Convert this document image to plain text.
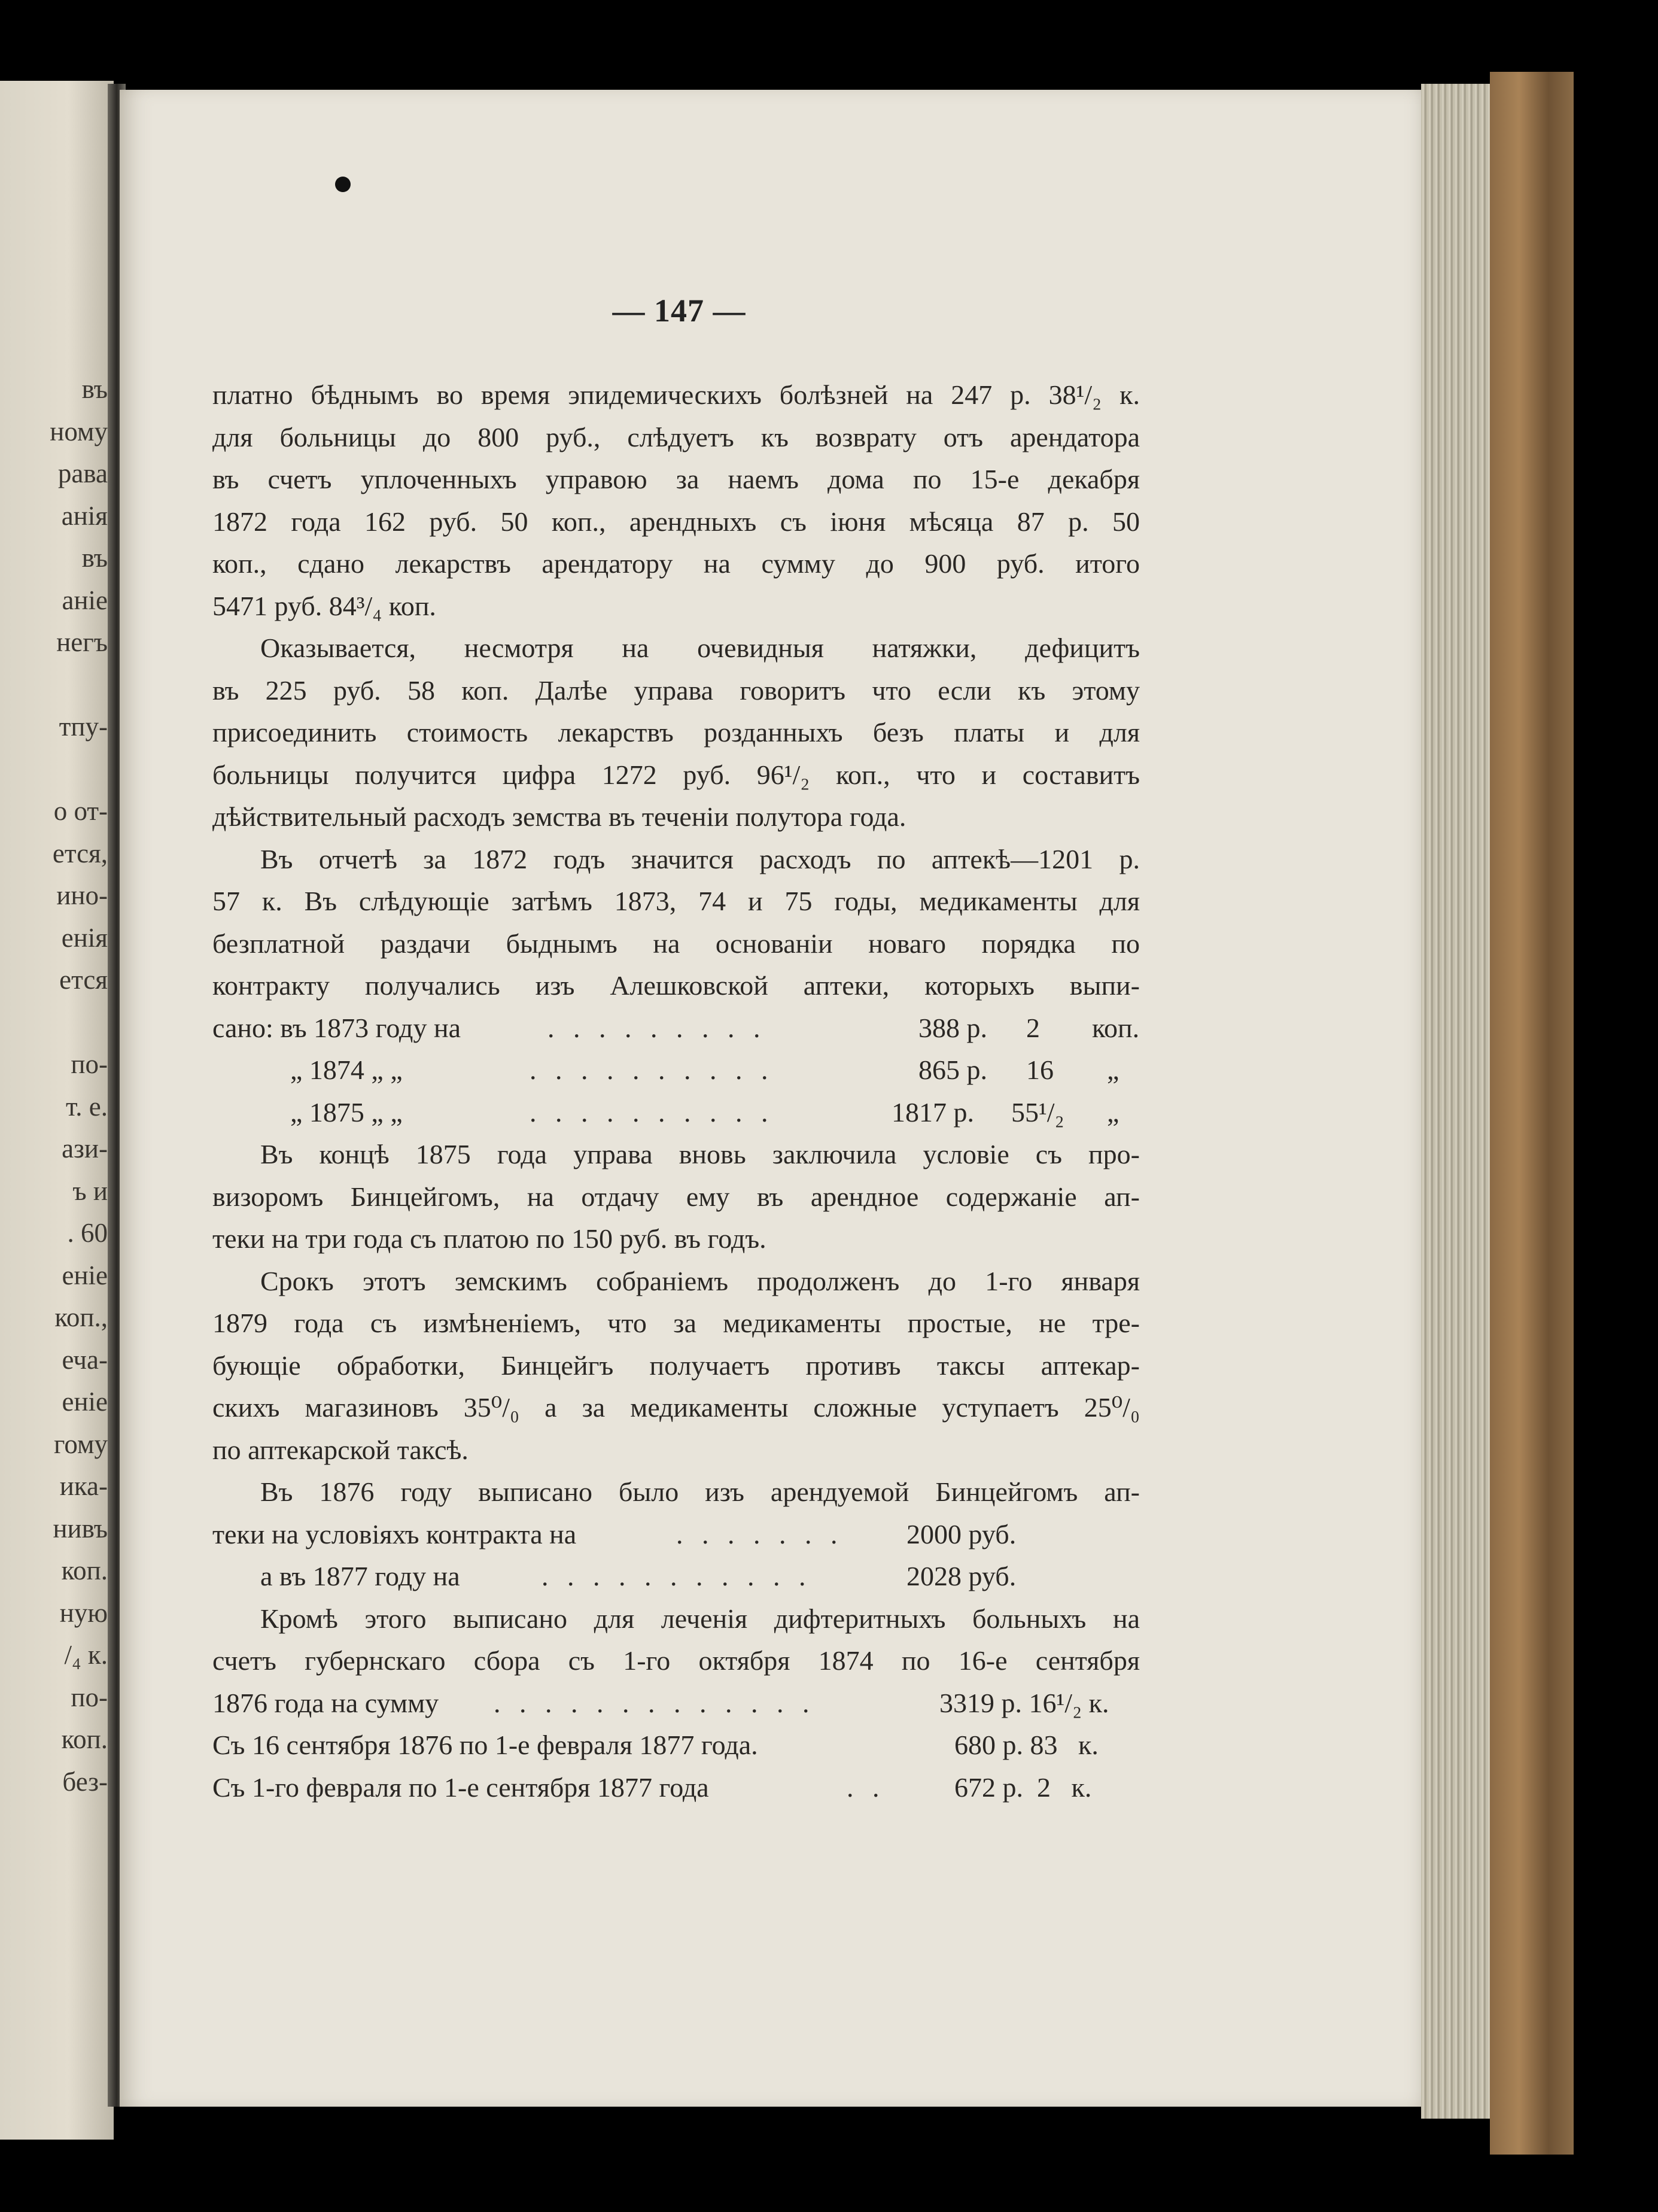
въ
ному
рава
анія
въ
аніе
негъ
тпу-
о от-
ется,
ино-
енія
ется
по-
т. е.
ази-
ъ и
. 60
еніе
коп.,
еча-
еніе
гому
ика-
нивъ
коп.
ную
/₄ к.
по-
коп.
без-
— 147 —
платно бѣднымъ во время эпидемическихъ болѣзней на 247 р. 38¹/₂ к.
для больницы до 800 руб., слѣдуетъ къ возврату отъ арендатора
въ счетъ уплоченныхъ управою за наемъ дома по 15-е декабря
1872 года 162 руб. 50 коп., арендныхъ съ іюня мѣсяца 87 р. 50
коп., сдано лекарствъ арендатору на сумму до 900 руб. итого
5471 руб. 84³/₄ коп.
Оказывается, несмотря на очевидныя натяжки, дефицитъ
въ 225 руб. 58 коп. Далѣе управа говоритъ что если къ этому
присоединить стоимость лекарствъ розданныхъ безъ платы и для
больницы получится цифра 1272 руб. 96¹/₂ коп., что и составитъ
дѣйствительный расходъ земства въ теченіи полутора года.
Въ отчетѣ за 1872 годъ значится расходъ по аптекѣ—1201 р.
57 к. Въ слѣдующіе затѣмъ 1873, 74 и 75 годы, медикаменты для
безплатной раздачи быднымъ на основаніи новаго порядка по
контракту получались изъ Алешковской аптеки, которыхъ выпи-
сано: въ 1873 году на	. . . . . . . . .	388 р. 2 коп.
„ 1874 „ „	. . . . . . . . . .	865 р. 16 „
„ 1875 „ „	. . . . . . . . . .	1817 р. 55¹/₂ „
Въ концѣ 1875 года управа вновь заключила условіе съ про-
визоромъ Бинцейгомъ, на отдачу ему въ арендное содержаніе ап-
теки на три года съ платою по 150 руб. въ годъ.
Срокъ этотъ земскимъ собраніемъ продолженъ до 1-го января
1879 года съ измѣненіемъ, что за медикаменты простые, не тре-
бующіе обработки, Бинцейгъ получаетъ противъ таксы аптекар-
скихъ магазиновъ 35⁰/₀ а за медикаменты сложные уступаетъ 25⁰/₀
по аптекарской таксѣ.
Въ 1876 году выписано было изъ арендуемой Бинцейгомъ ап-
теки на условіяхъ контракта на	. . . . . . . 2000 руб.
а въ 1877 году на	. . . . . . . . . . .	2028 руб.
Кромѣ этого выписано для леченія дифтеритныхъ больныхъ на
счетъ губернскаго сбора съ 1-го октября 1874 по 16-е сентября
1876 года на сумму . . . . . . . . . . . . .	3319 р. 16¹/₂ к.
Съ 16 сентября 1876 по 1-е февраля 1877 года.	680 р. 83   к.
Съ 1-го февраля по 1-е сентября 1877 года	. .	672 р.  2   к.
